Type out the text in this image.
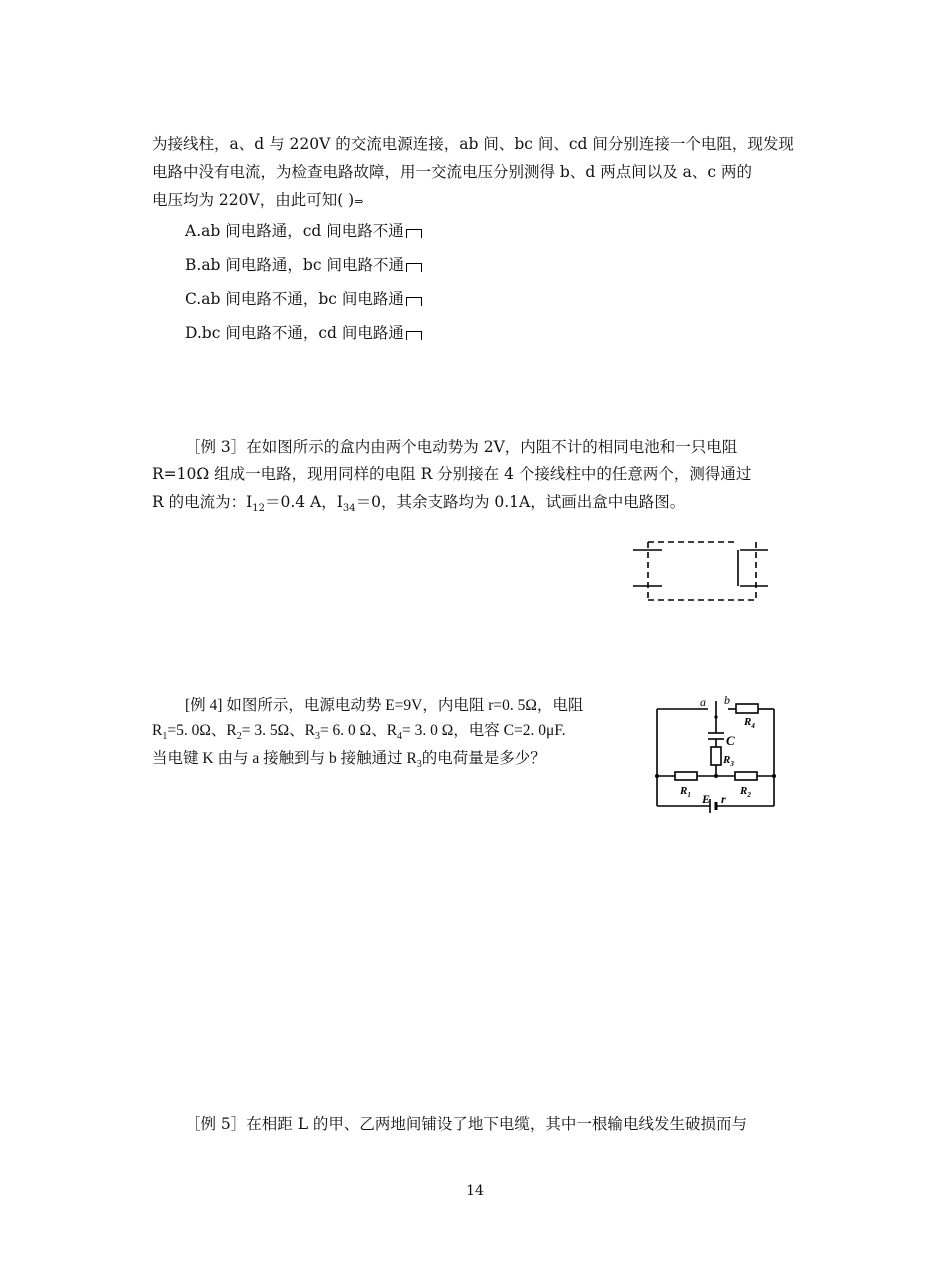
为接线柱，a、d 与 220V 的交流电源连接，ab 间、bc 间、cd 间分别连接一个电阻，现发现
电路中没有电流，为检查电路故障，用一交流电压分别测得 b、d 两点间以及 a、c 两的
电压均为 220V，由此可知( )⇒
A.ab 间电路通，cd 间电路不通
B.ab 间电路通，bc 间电路不通
C.ab 间电路不通，bc 间电路通
D.bc 间电路不通，cd 间电路通
［例 3］在如图所示的盒内由两个电动势为 2V，内阻不计的相同电池和一只电阻
R=10Ω 组成一电路，现用同样的电阻 R 分别接在 4 个接线柱中的任意两个，测得通过
R 的电流为：$I_{12}=0.4$ A，$I_{34}=0$，其余支路均为 0.1A，试画出盒中电路图。
[例 4] 如图所示，电源电动势 E=9V，内电阻 r=0. 5Ω，电阻
$R_1=5$. 0Ω、$R_2= 3$. 5Ω、$R_3= 6$. 0 Ω、$R_4= 3$. 0 Ω，电容 C=2. 0μF.
当电键 K 由与 a 接触到与 b 接触通过 $R_3$的电荷量是多少？
a b
C
$R_4$
$R_3$
$R_1$	$R_2$
E r
［例 5］在相距 L 的甲、乙两地间铺设了地下电缆，其中一根输电线发生破损而与
14
